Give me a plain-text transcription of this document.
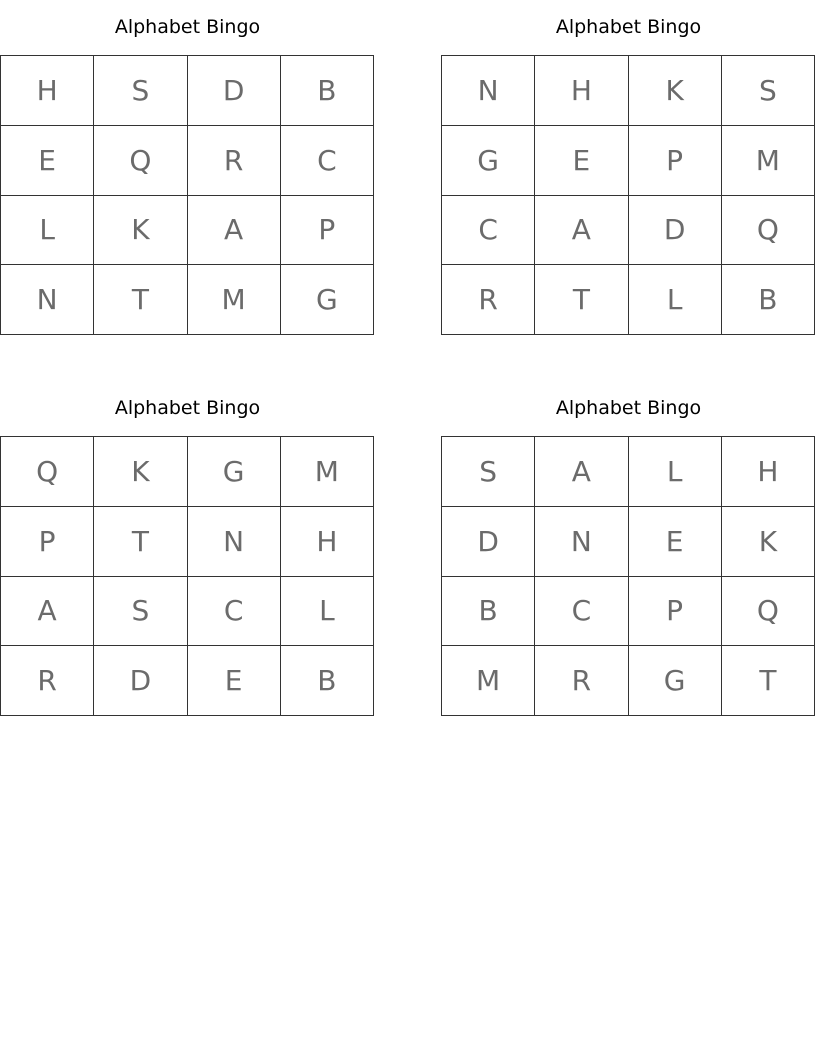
Alphabet Bingo
H	S	D	B
E	Q	R	C
L	K	A	P
N	T	M	G
Alphabet Bingo
N	H	K	S
G	E	P	M
C	A	D	Q
R	T	L	B
Alphabet Bingo
Q	K	G	M
P	T	N	H
A	S	C	L
R	D	E	B
Alphabet Bingo
S	A	L	H
D	N	E	K
B	C	P	Q
M	R	G	T
